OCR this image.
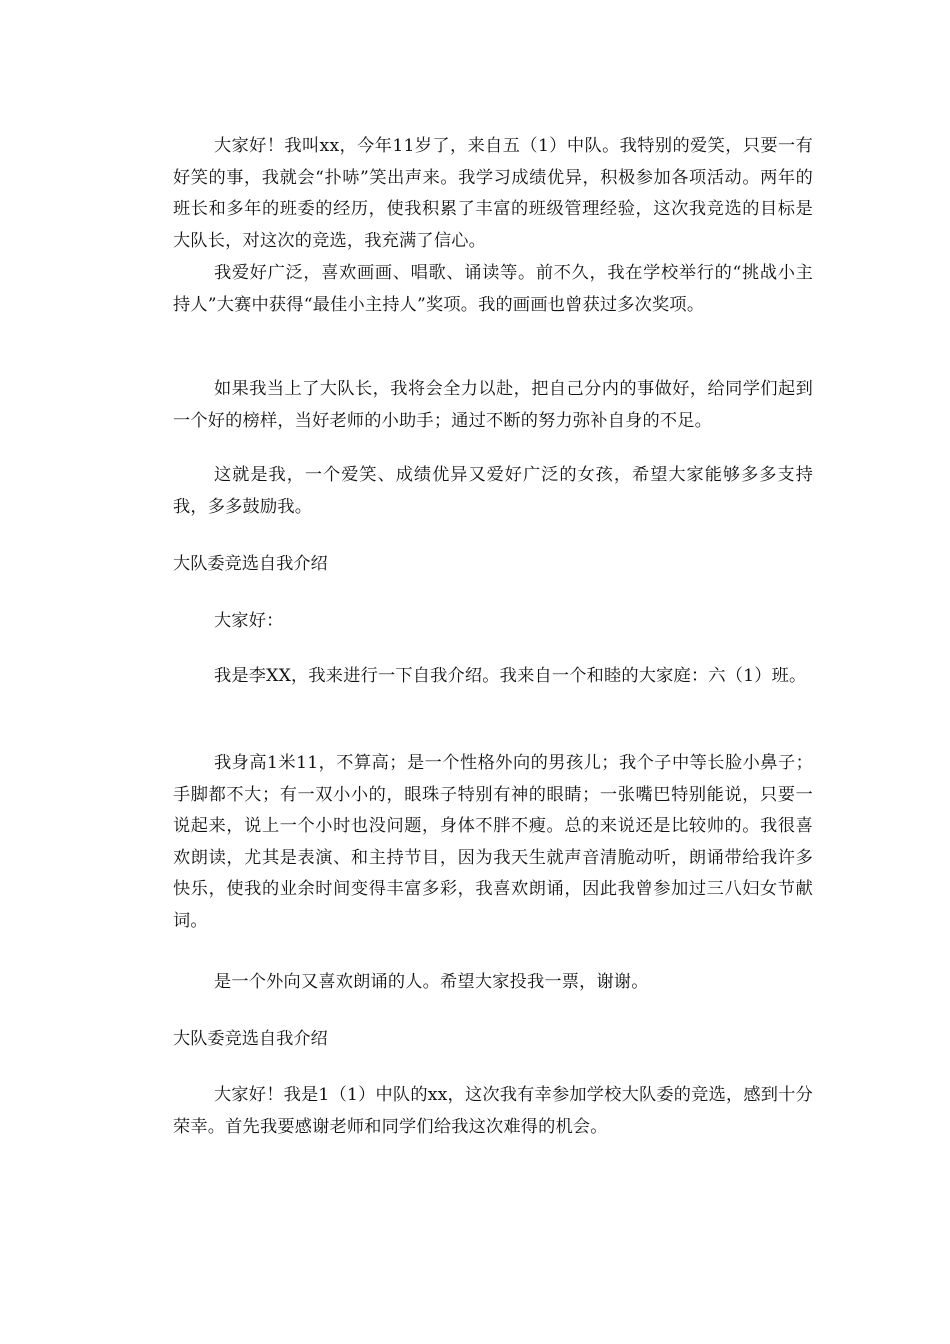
大家好！我叫xx，今年11岁了，来自五（1）中队。我特别的爱笑，只要一有好笑的事，我就会“扑哧”笑出声来。我学习成绩优异，积极参加各项活动。两年的班长和多年的班委的经历，使我积累了丰富的班级管理经验，这次我竞选的目标是大队长，对这次的竞选，我充满了信心。

我爱好广泛，喜欢画画、唱歌、诵读等。前不久，我在学校举行的“挑战小主持人”大赛中获得“最佳小主持人”奖项。我的画画也曾获过多次奖项。

如果我当上了大队长，我将会全力以赴，把自己分内的事做好，给同学们起到一个好的榜样，当好老师的小助手；通过不断的努力弥补自身的不足。

这就是我，一个爱笑、成绩优异又爱好广泛的女孩，希望大家能够多多支持我，多多鼓励我。

大队委竞选自我介绍

大家好：

我是李XX，我来进行一下自我介绍。我来自一个和睦的大家庭：六（1）班。

我身高1米11，不算高；是一个性格外向的男孩儿；我个子中等长脸小鼻子；手脚都不大；有一双小小的，眼珠子特别有神的眼睛；一张嘴巴特别能说，只要一说起来，说上一个小时也没问题，身体不胖不瘦。总的来说还是比较帅的。我很喜欢朗读，尤其是表演、和主持节目，因为我天生就声音清脆动听，朗诵带给我许多快乐，使我的业余时间变得丰富多彩，我喜欢朗诵，因此我曾参加过三八妇女节献词。

是一个外向又喜欢朗诵的人。希望大家投我一票，谢谢。

大队委竞选自我介绍

大家好！我是1（1）中队的xx，这次我有幸参加学校大队委的竞选，感到十分荣幸。首先我要感谢老师和同学们给我这次难得的机会。
